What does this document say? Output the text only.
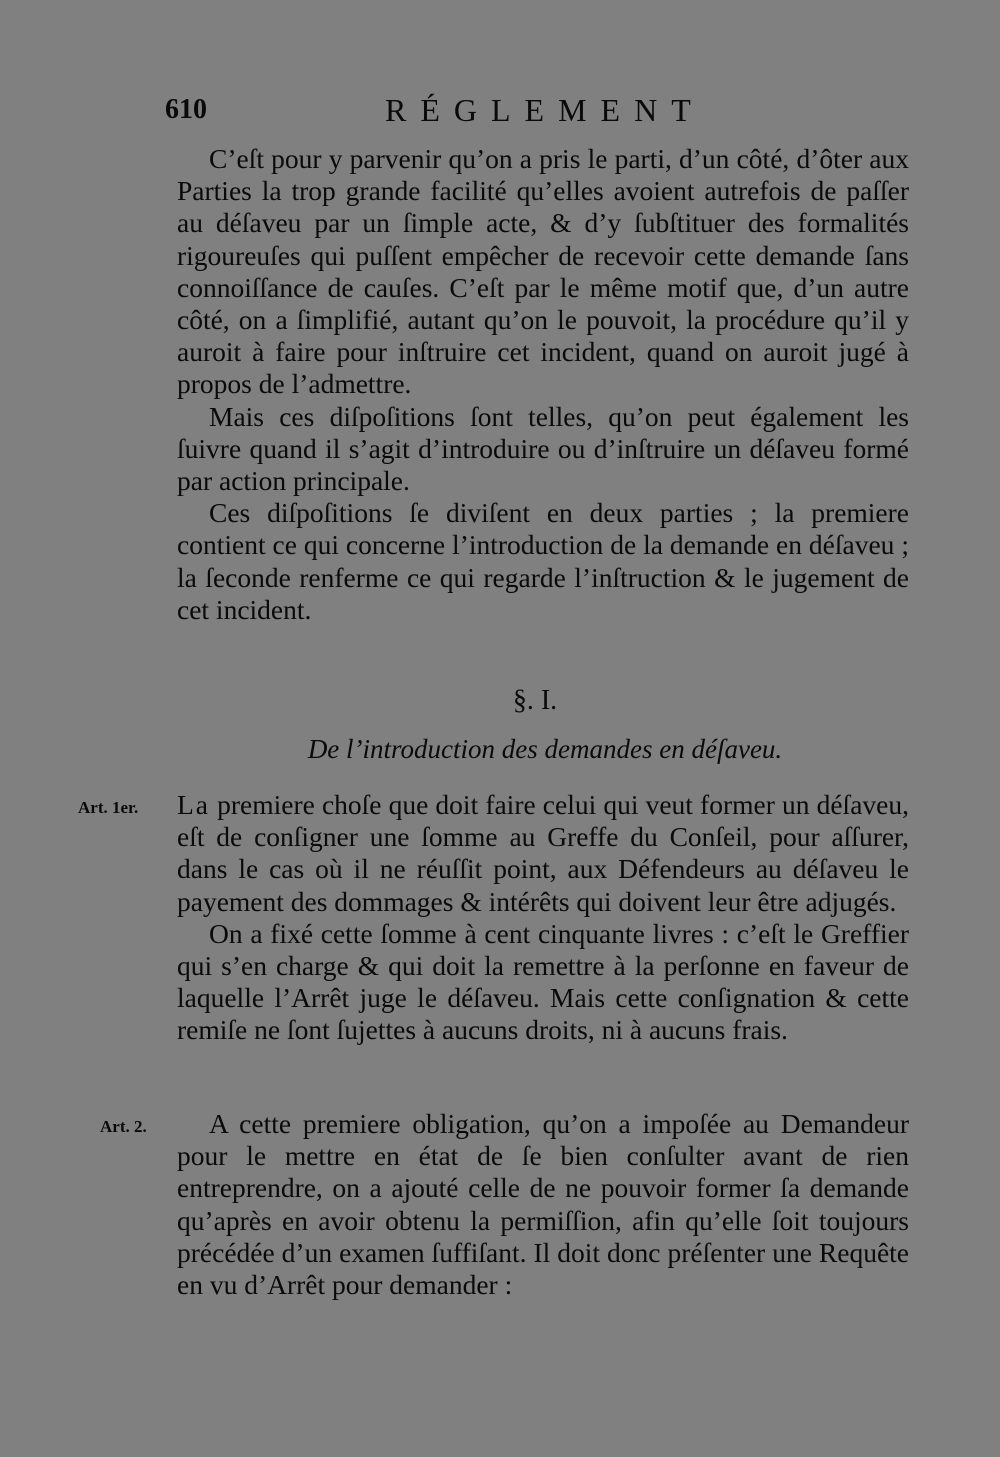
610	RÉGLEMENT

C’eſt pour y parvenir qu’on a pris le parti, d’un côté, d’ôter aux Parties la trop grande facilité qu’elles avoient autrefois de paſſer au déſaveu par un ſimple acte, & d’y ſubſtituer des formalités rigoureuſes qui puſſent empêcher de recevoir cette demande ſans connoiſſance de cauſes. C’eſt par le même motif que, d’un autre côté, on a ſimplifié, autant qu’on le pouvoit, la procédure qu’il y auroit à faire pour inſtruire cet incident, quand on auroit jugé à propos de l’admettre.

Mais ces diſpoſitions ſont telles, qu’on peut également les ſuivre quand il s’agit d’introduire ou d’inſtruire un déſaveu formé par action principale.

Ces diſpoſitions ſe diviſent en deux parties ; la premiere contient ce qui concerne l’introduction de la demande en déſaveu ; la ſeconde renferme ce qui regarde l’inſtruction & le jugement de cet incident.

§. I.
De l’introduction des demandes en déſaveu.
Art. 1er. La premiere choſe que doit faire celui qui veut former un déſaveu, eſt de conſigner une ſomme au Greffe du Conſeil, pour aſſurer, dans le cas où il ne réuſſit point, aux Défendeurs au déſaveu le payement des dommages & intérêts qui doivent leur être adjugés.

On a fixé cette ſomme à cent cinquante livres : c’eſt le Greffier qui s’en charge & qui doit la remettre à la perſonne en faveur de laquelle l’Arrêt juge le déſaveu. Mais cette conſignation & cette remiſe ne ſont ſujettes à aucuns droits, ni à aucuns frais.

Art. 2.	A cette premiere obligation, qu’on a impoſée au Demandeur pour le mettre en état de ſe bien conſulter avant de rien entreprendre, on a ajouté celle de ne pouvoir former ſa demande qu’après en avoir obtenu la permiſſion, afin qu’elle ſoit toujours précédée d’un examen ſuffiſant. Il doit donc préſenter une Requête en vu d’Arrêt pour demander :
